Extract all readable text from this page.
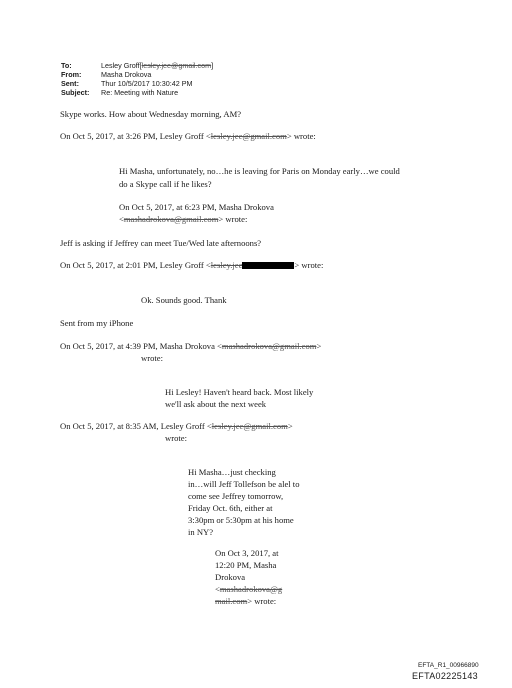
To:	Lesley Groff[lesley.jee@gmail.com]
From:	Masha Drokova
Sent:	Thur 10/5/2017 10:30:42 PM
Subject: Re: Meeting with Nature
Skype works. How about Wednesday morning, AM?
On Oct 5, 2017, at 3:26 PM, Lesley Groff <lesley.jee@gmail.com> wrote:
Hi Masha, unfortunately, no…he is leaving for Paris on Monday early…we could
do a Skype call if he likes?
On Oct 5, 2017, at 6:23 PM, Masha Drokova
<mashadrokova@gmail.com> wrote:
Jeff is asking if Jeffrey can meet Tue/Wed late afternoons?
On Oct 5, 2017, at 2:01 PM, Lesley Groff <lesley.jee	> wrote:
Ok. Sounds good. Thank
Sent from my iPhone
On Oct 5, 2017, at 4:39 PM, Masha Drokova <mashadrokova@gmail.com>
wrote:
Hi Lesley! Haven't heard back. Most likely
we'll ask about the next week
On Oct 5, 2017, at 8:35 AM, Lesley Groff <lesley.jee@gmail.com>
wrote:
Hi Masha…just checking
in…will Jeff Tollefson be alel to
come see Jeffrey tomorrow,
Friday Oct. 6th, either at
3:30pm or 5:30pm at his home
in NY?
On Oct 3, 2017, at
12:20 PM, Masha
Drokova
<mashadrokova@g
mail.com> wrote:
EFTA_R1_00966890
EFTA02225143
